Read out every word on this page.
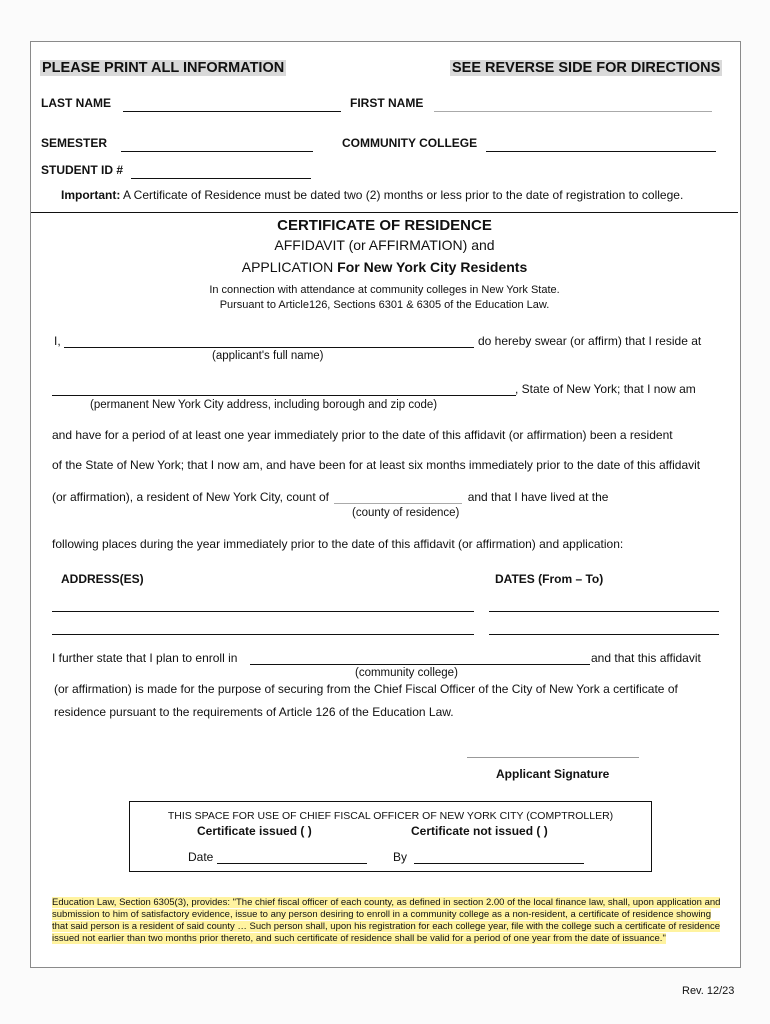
PLEASE PRINT ALL INFORMATION	SEE REVERSE SIDE FOR DIRECTIONS
LAST NAME	FIRST NAME
SEMESTER	COMMUNITY COLLEGE
STUDENT ID #
Important: A Certificate of Residence must be dated two (2) months or less prior to the date of registration to college.
CERTIFICATE OF RESIDENCE
AFFIDAVIT (or AFFIRMATION) and
APPLICATION For New York City Residents
In connection with attendance at community colleges in New York State.
Pursuant to Article126, Sections 6301 & 6305 of the Education Law.
I,	do hereby swear (or affirm) that I reside at
(applicant's full name)
, State of New York; that I now am
(permanent New York City address, including borough and zip code)
and have for a period of at least one year immediately prior to the date of this affidavit (or affirmation) been a resident
of the State of New York; that I now am, and have been for at least six months immediately prior to the date of this affidavit
(or affirmation), a resident of New York City, count of	and that I have lived at the
(county of residence)
following places during the year immediately prior to the date of this affidavit (or affirmation) and application:
ADDRESS(ES)	DATES (From – To)
I further state that I plan to enroll in	and that this affidavit
(community college)
(or affirmation) is made for the purpose of securing from the Chief Fiscal Officer of the City of New York a certificate of
residence pursuant to the requirements of Article 126 of the Education Law.
Applicant Signature
THIS SPACE FOR USE OF CHIEF FISCAL OFFICER OF NEW YORK CITY (COMPTROLLER)
Certificate issued ( )	Certificate not issued ( )
Date	By
Education Law, Section 6305(3), provides: "The chief fiscal officer of each county, as defined in section 2.00 of the local finance law, shall, upon application and submission to him of satisfactory evidence, issue to any person desiring to enroll in a community college as a non-resident, a certificate of residence showing that said person is a resident of said county … Such person shall, upon his registration for each college year, file with the college such a certificate of residence issued not earlier than two months prior thereto, and such certificate of residence shall be valid for a period of one year from the date of issuance."
Rev. 12/23
